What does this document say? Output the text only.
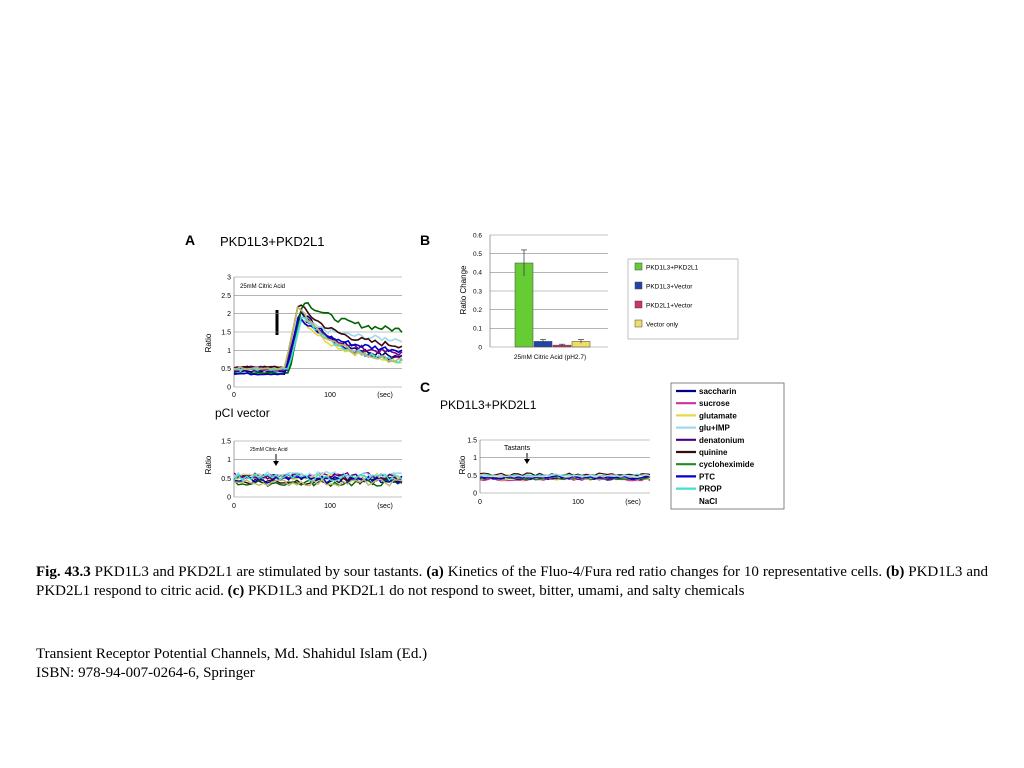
A PKD1L3+PKD2L1
25mM Citric Acid
Ratio
3
2.5
2
1.5
1
0.5
0
0	100	(sec)
pCI vector
25mM Citric Acid
Ratio
1.5
1
0.5
0
0	100	(sec)
B
Ratio Change
0.6
0.5
0.4
0.3
0.2
0.1
0
25mM Citric Acid (pH2.7)
PKD1L3+PKD2L1
PKD1L3+Vector
PKD2L1+Vector
Vector only
C
PKD1L3+PKD2L1
Tastants
Ratio
1.5
1
0.5
0
0	100	(sec)
saccharin
sucrose
glutamate
glu+IMP
denatonium
quinine
cycloheximide
PTC
PROP
NaCl
Fig. 43.3 PKD1L3 and PKD2L1 are stimulated by sour tastants. (a) Kinetics of the Fluo-4/Fura red ratio changes for 10 representative cells. (b) PKD1L3 and PKD2L1 respond to citric acid. (c) PKD1L3 and PKD2L1 do not respond to sweet, bitter, umami, and salty chemicals
Transient Receptor Potential Channels, Md. Shahidul Islam (Ed.)
ISBN: 978-94-007-0264-6, Springer
